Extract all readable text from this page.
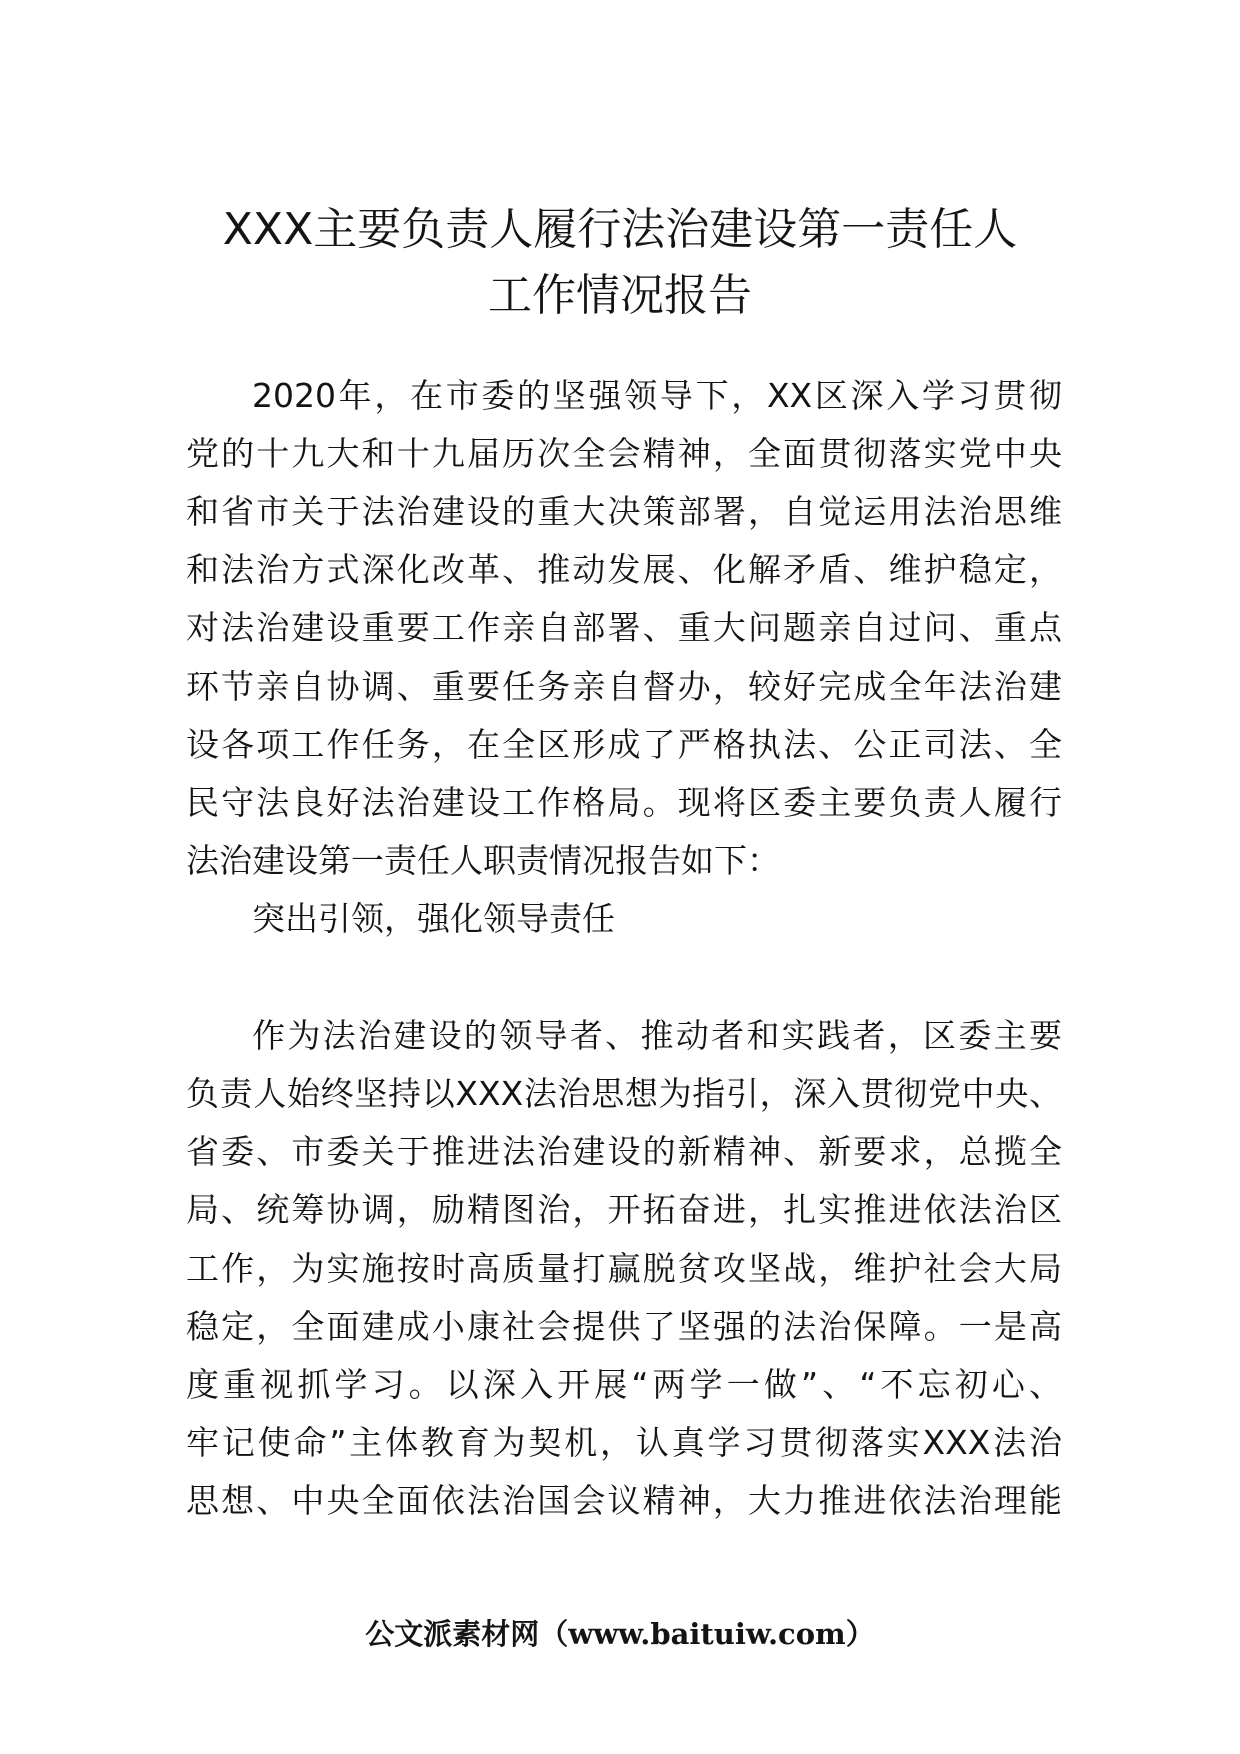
XXX主要负责人履行法治建设第一责任人
工作情况报告
2020年，在市委的坚强领导下，XX区深入学习贯彻
党的十九大和十九届历次全会精神，全面贯彻落实党中央
和省市关于法治建设的重大决策部署，自觉运用法治思维
和法治方式深化改革、推动发展、化解矛盾、维护稳定，
对法治建设重要工作亲自部署、重大问题亲自过问、重点
环节亲自协调、重要任务亲自督办，较好完成全年法治建
设各项工作任务，在全区形成了严格执法、公正司法、全
民守法良好法治建设工作格局。现将区委主要负责人履行
法治建设第一责任人职责情况报告如下：
突出引领，强化领导责任
作为法治建设的领导者、推动者和实践者，区委主要
负责人始终坚持以XXX法治思想为指引，深入贯彻党中央、
省委、市委关于推进法治建设的新精神、新要求，总揽全
局、统筹协调，励精图治，开拓奋进，扎实推进依法治区
工作，为实施按时高质量打赢脱贫攻坚战，维护社会大局
稳定，全面建成小康社会提供了坚强的法治保障。一是高
度重视抓学习。以深入开展“两学一做”、“不忘初心、
牢记使命”主体教育为契机，认真学习贯彻落实XXX法治
思想、中央全面依法治国会议精神，大力推进依法治理能
公文派素材网（www.baituiw.com）
